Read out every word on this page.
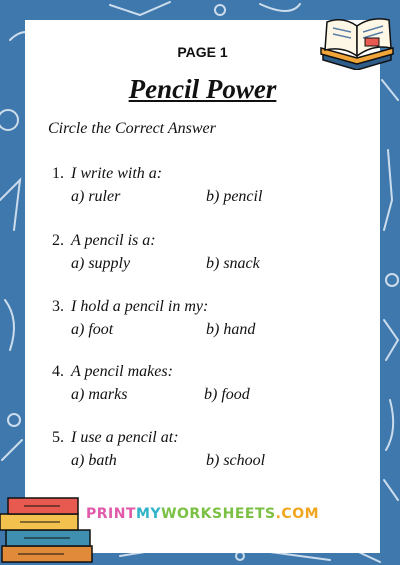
PAGE 1
Pencil Power
Circle the Correct Answer
1. I write with a:
a) ruler	b) pencil
2. A pencil is a:
a) supply	b) snack
3. I hold a pencil in my:
a) foot	b) hand
4. A pencil makes:
a) marks	b) food
5. I use a pencil at:
a) bath	b) school
PRINTMYWORKSHEETS.COM
